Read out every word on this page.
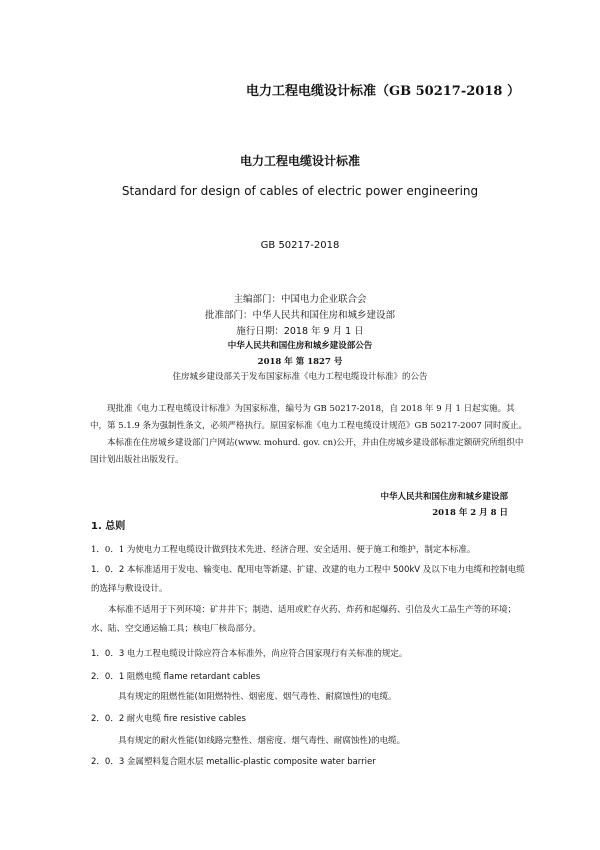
电力工程电缆设计标准（GB 50217-2018 ）
电力工程电缆设计标准
Standard for design of cables of electric power engineering
GB 50217-2018
主编部门：中国电力企业联合会
批准部门：中华人民共和国住房和城乡建设部
施行日期：2018 年 9 月 1 日
中华人民共和国住房和城乡建设部公告
2018 年 第 1827 号
住房城乡建设部关于发布国家标准《电力工程电缆设计标准》的公告
现批准《电力工程电缆设计标准》为国家标准，编号为 GB 50217-2018，自 2018 年 9 月 1 日起实施。其中，第 5.1.9 条为强制性条文，必须严格执行。原国家标准《电力工程电缆设计规范》GB 50217-2007 同时废止。
本标准在住房城乡建设部门户网站(www. mohurd. gov. cn)公开，并由住房城乡建设部标准定额研究所组织中国计划出版社出版发行。
中华人民共和国住房和城乡建设部
2018 年 2 月 8 日
1. 总则
1．0．1 为使电力工程电缆设计做到技术先进、经济合理、安全适用、便于施工和维护，制定本标准。
1．0．2 本标准适用于发电、输变电、配用电等新建、扩建、改建的电力工程中 500kV 及以下电力电缆和控制电缆的选择与敷设设计。
本标准不适用于下列环境：矿井井下；制造、适用或贮存火药、炸药和起爆药、引信及火工品生产等的环境；水、陆、空交通运输工具；核电厂核岛部分。
1．0．3 电力工程电缆设计除应符合本标准外，尚应符合国家现行有关标准的规定。
2．0．1 阻燃电缆 flame retardant cables
具有规定的阻燃性能(如阻燃特性、烟密度、烟气毒性、耐腐蚀性)的电缆。
2．0．2 耐火电缆 fire resistive cables
具有规定的耐火性能(如线路完整性、烟密度、烟气毒性、耐腐蚀性)的电缆。
2．0．3 金属塑料复合阻水层 metallic-plastic composite water barrier
